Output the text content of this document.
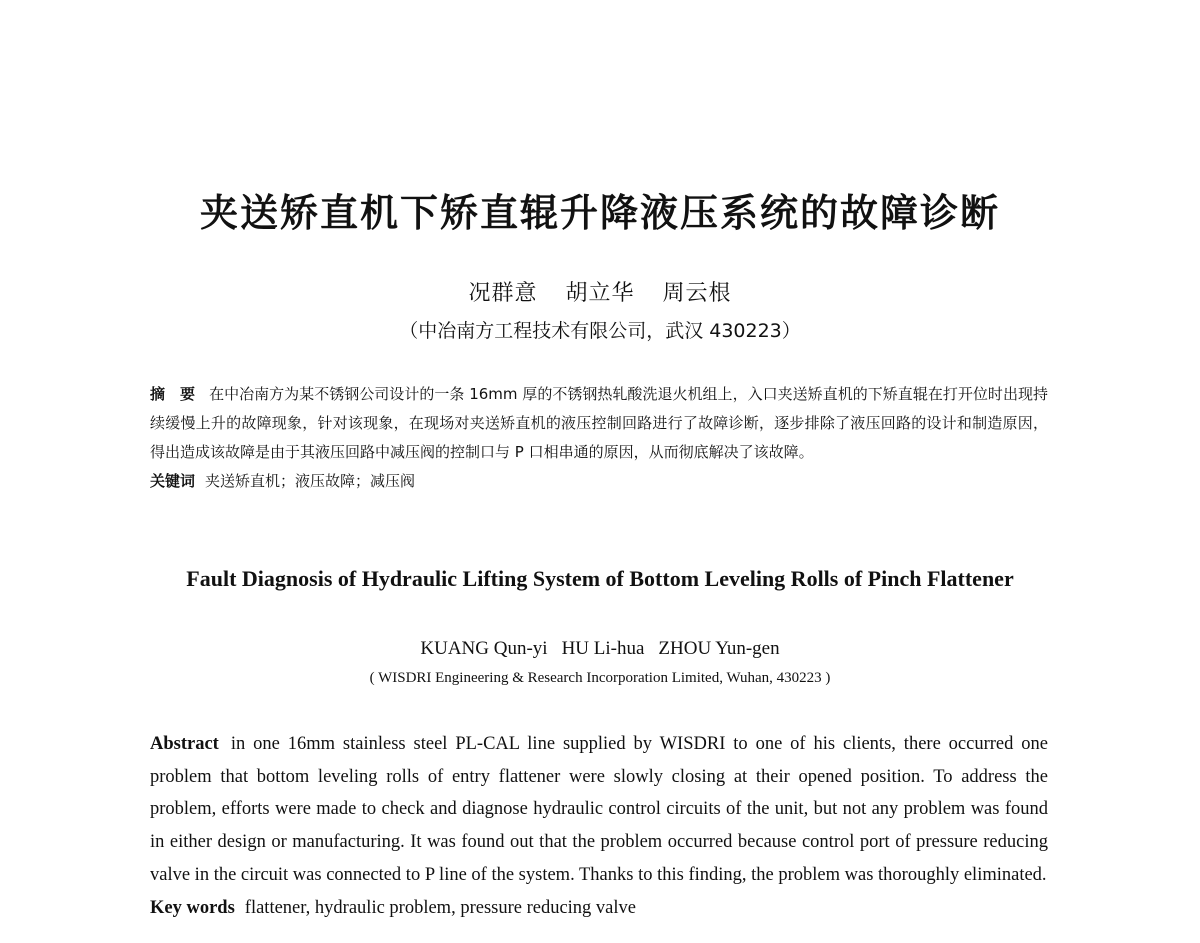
夹送矫直机下矫直辊升降液压系统的故障诊断
况群意 胡立华 周云根
（中冶南方工程技术有限公司，武汉 430223）
摘　要 在中冶南方为某不锈钢公司设计的一条 16mm 厚的不锈钢热轧酸洗退火机组上，入口夹送矫直机的下矫直辊在打开位时出现持续缓慢上升的故障现象，针对该现象，在现场对夹送矫直机的液压控制回路进行了故障诊断，逐步排除了液压回路的设计和制造原因，得出造成该故障是由于其液压回路中减压阀的控制口与 P 口相串通的原因，从而彻底解决了该故障。
关键词 夹送矫直机；液压故障；减压阀
Fault Diagnosis of Hydraulic Lifting System of Bottom Leveling Rolls of Pinch Flattener
KUANG Qun-yi HU Li-hua ZHOU Yun-gen
( WISDRI Engineering & Research Incorporation Limited, Wuhan, 430223 )
Abstract in one 16mm stainless steel PL-CAL line supplied by WISDRI to one of his clients, there occurred one problem that bottom leveling rolls of entry flattener were slowly closing at their opened position. To address the problem, efforts were made to check and diagnose hydraulic control circuits of the unit, but not any problem was found in either design or manufacturing. It was found out that the problem occurred because control port of pressure reducing valve in the circuit was connected to P line of the system. Thanks to this finding, the problem was thoroughly eliminated.
Key words flattener, hydraulic problem, pressure reducing valve
